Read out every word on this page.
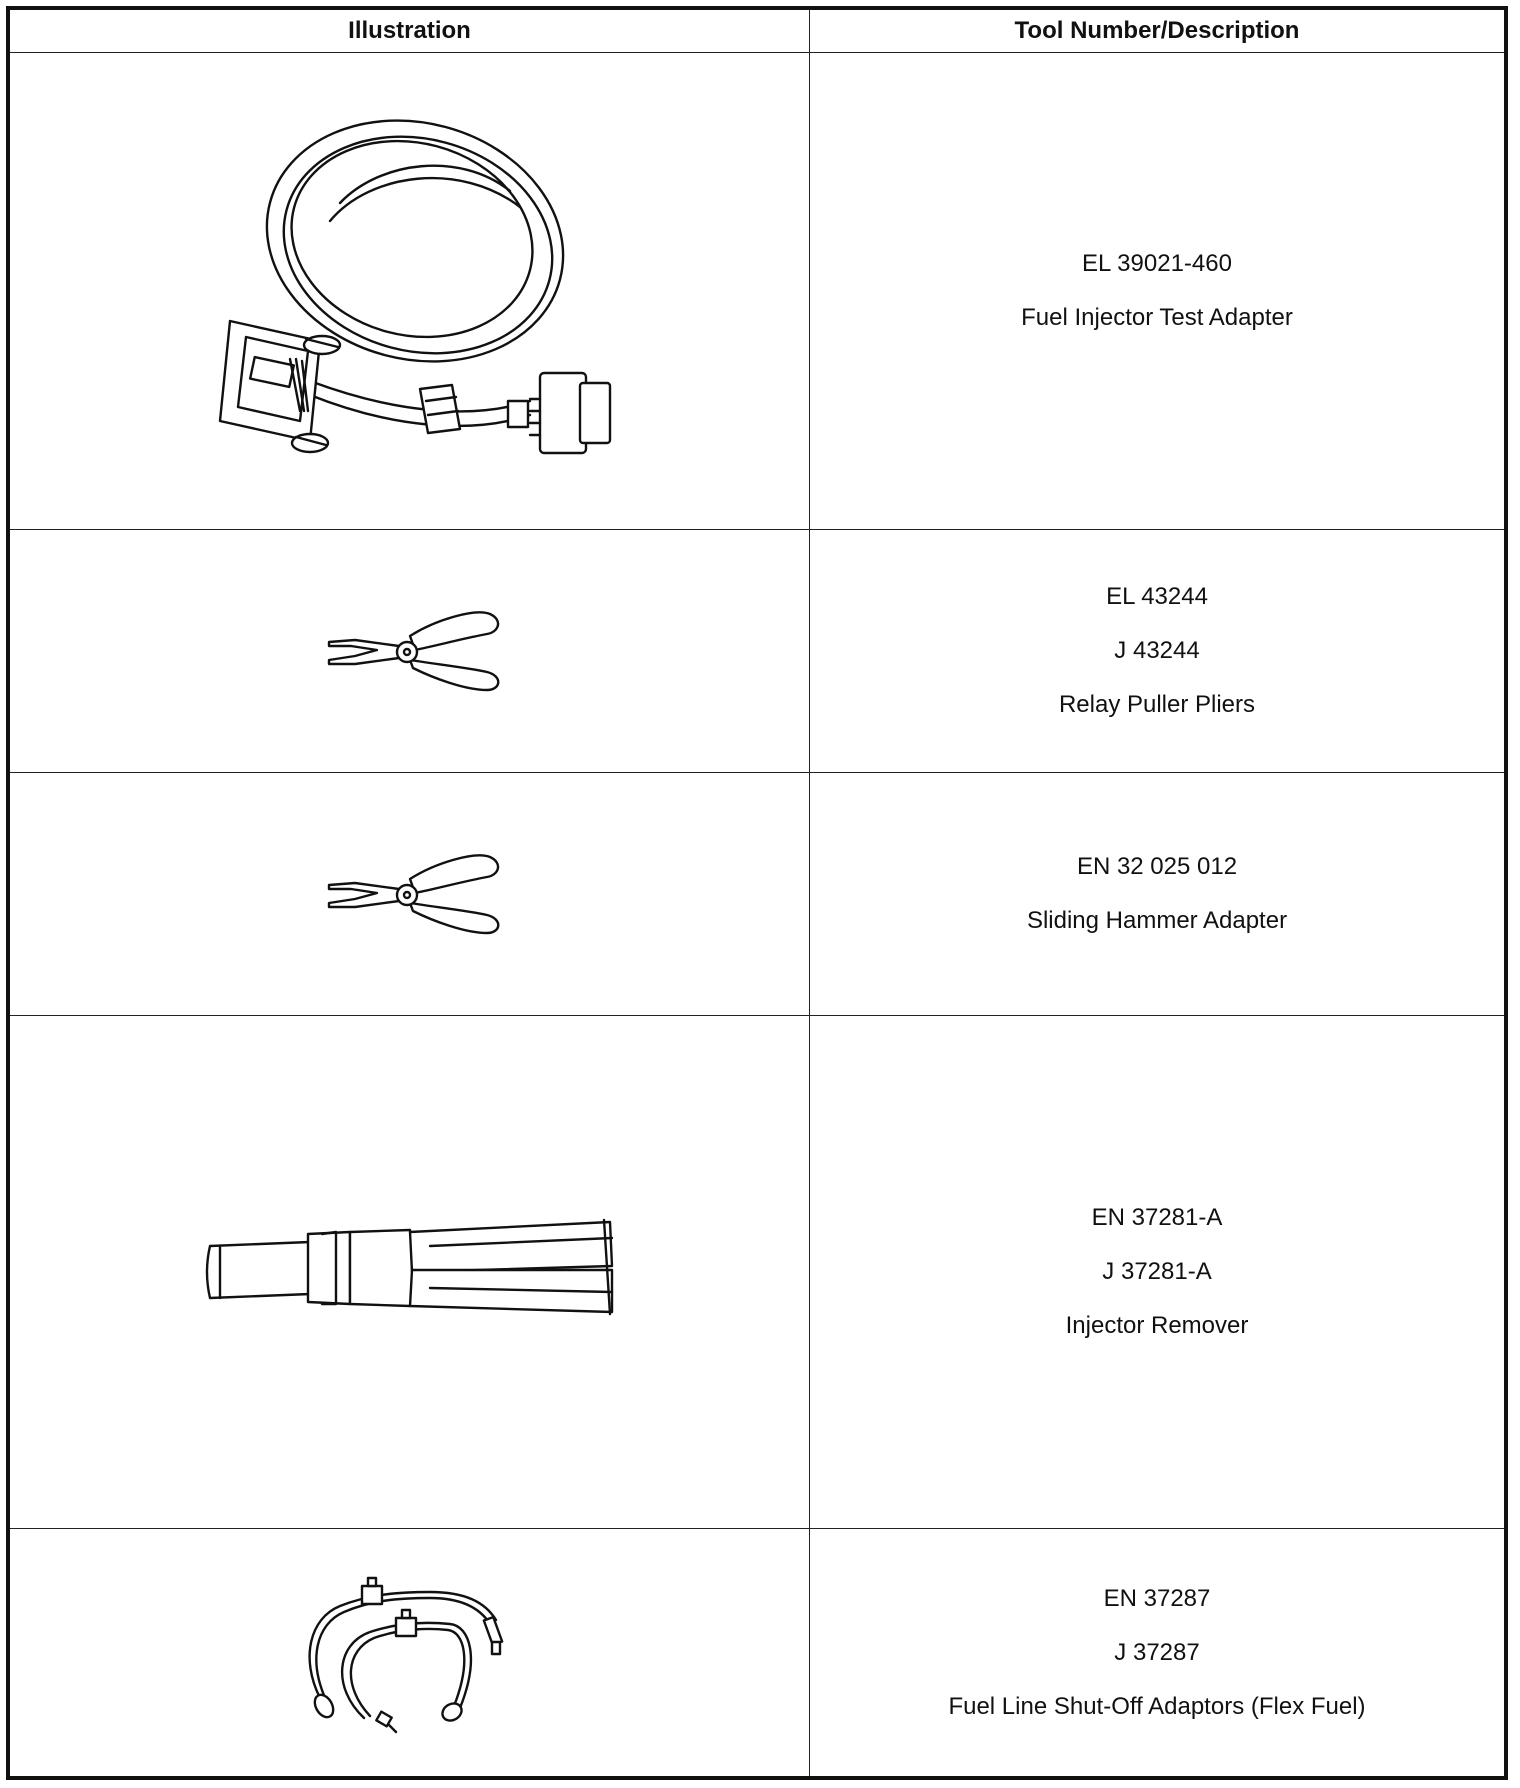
Illustration	Tool Number/Description
EL 39021-460
Fuel Injector Test Adapter
EL 43244
J 43244
Relay Puller Pliers
EN 32 025 012
Sliding Hammer Adapter
EN 37281-A
J 37281-A
Injector Remover
EN 37287
J 37287
Fuel Line Shut-Off Adaptors (Flex Fuel)
